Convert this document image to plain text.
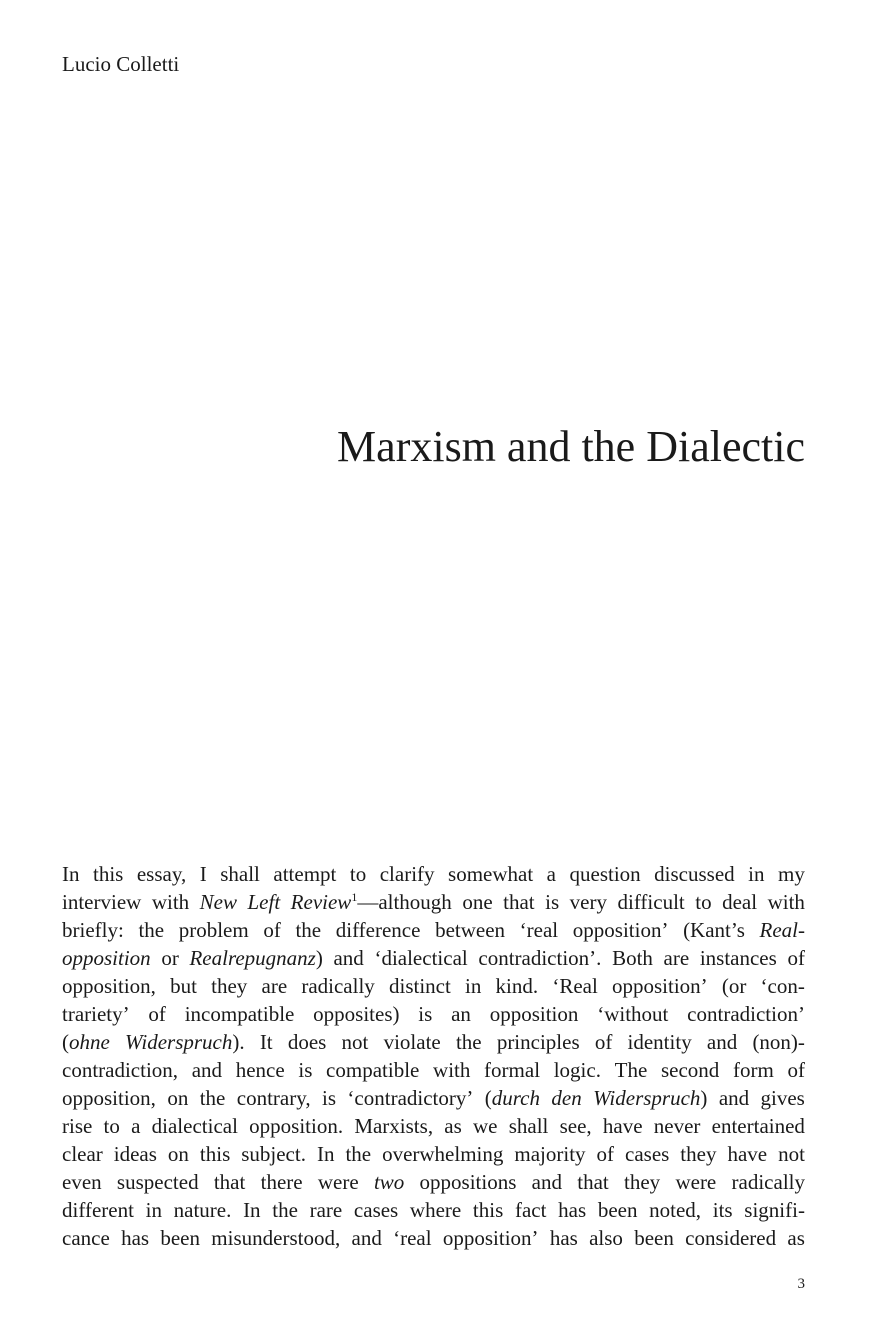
Lucio Colletti
Marxism and the Dialectic
In this essay, I shall attempt to clarify somewhat a question discussed in my
interview with New Left Review$^1$—although one that is very difficult to deal with
briefly: the problem of the difference between ‘real opposition’ (Kant’s Real-
opposition or Realrepugnanz) and ‘dialectical contradiction’. Both are instances of
opposition, but they are radically distinct in kind. ‘Real opposition’ (or ‘con-
trariety’ of incompatible opposites) is an opposition ‘without contradiction’
(ohne Widerspruch). It does not violate the principles of identity and (non)-
contradiction, and hence is compatible with formal logic. The second form of
opposition, on the contrary, is ‘contradictory’ (durch den Widerspruch) and gives
rise to a dialectical opposition. Marxists, as we shall see, have never entertained
clear ideas on this subject. In the overwhelming majority of cases they have not
even suspected that there were two oppositions and that they were radically
different in nature. In the rare cases where this fact has been noted, its signifi-
cance has been misunderstood, and ‘real opposition’ has also been considered as
3
